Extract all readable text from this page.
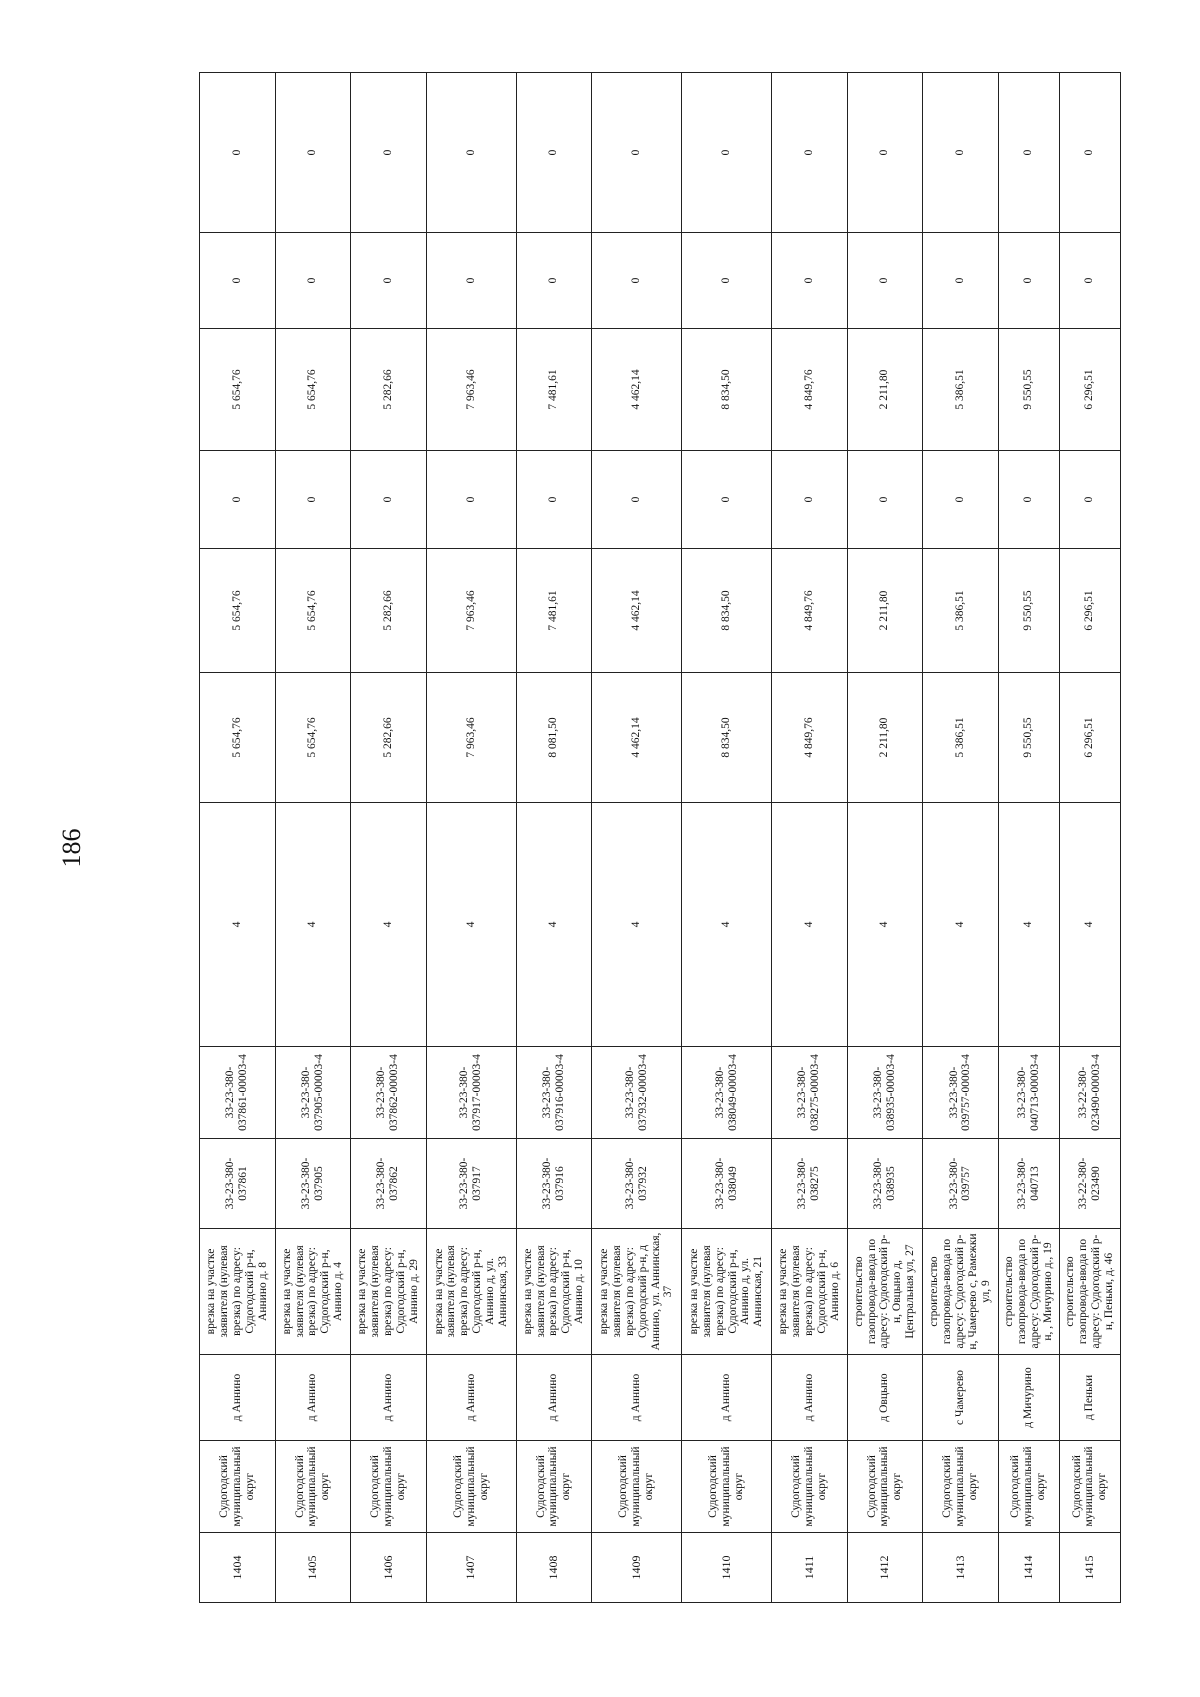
186
1404	Судогодский муниципальный округ	д Аннино	врезка на участке заявителя (нулевая врезка) по адресу: Судогодский р-н, Аннино д. 8	33-23-380-037861	33-23-380-037861-00003-4	4	5 654,76	5 654,76	0	5 654,76	0	0
1405	Судогодский муниципальный округ	д Аннино	врезка на участке заявителя (нулевая врезка) по адресу: Судогодский р-н, Аннино д. 4	33-23-380-037905	33-23-380-037905-00003-4	4	5 654,76	5 654,76	0	5 654,76	0	0
1406	Судогодский муниципальный округ	д Аннино	врезка на участке заявителя (нулевая врезка) по адресу: Судогодский р-н, Аннино д. 29	33-23-380-037862	33-23-380-037862-00003-4	4	5 282,66	5 282,66	0	5 282,66	0	0
1407	Судогодский муниципальный округ	д Аннино	врезка на участке заявителя (нулевая врезка) по адресу: Судогодский р-н, Аннино д, ул. Аннинская, 33	33-23-380-037917	33-23-380-037917-00003-4	4	7 963,46	7 963,46	0	7 963,46	0	0
1408	Судогодский муниципальный округ	д Аннино	врезка на участке заявителя (нулевая врезка) по адресу: Судогодский р-н, Аннино д. 10	33-23-380-037916	33-23-380-037916-00003-4	4	8 081,50	7 481,61	0	7 481,61	0	0
1409	Судогодский муниципальный округ	д Аннино	врезка на участке заявителя (нулевая врезка) по адресу: Судогодский р-н, д Аннино, ул. Аннинская, 37	33-23-380-037932	33-23-380-037932-00003-4	4	4 462,14	4 462,14	0	4 462,14	0	0
1410	Судогодский муниципальный округ	д Аннино	врезка на участке заявителя (нулевая врезка) по адресу: Судогодский р-н, Аннино д, ул. Аннинская, 21	33-23-380-038049	33-23-380-038049-00003-4	4	8 834,50	8 834,50	0	8 834,50	0	0
1411	Судогодский муниципальный округ	д Аннино	врезка на участке заявителя (нулевая врезка) по адресу: Судогодский р-н, Аннино д. 6	33-23-380-038275	33-23-380-038275-00003-4	4	4 849,76	4 849,76	0	4 849,76	0	0
1412	Судогодский муниципальный округ	д Овцыно	строительство газопровода-ввода по адресу: Судогодский р-н, Овцыно д, Центральная ул, 27	33-23-380-038935	33-23-380-038935-00003-4	4	2 211,80	2 211,80	0	2 211,80	0	0
1413	Судогодский муниципальный округ	с Чамерево	строительство газопровода-ввода по адресу: Судогодский р-н, Чамерево с, Рамежки ул, 9	33-23-380-039757	33-23-380-039757-00003-4	4	5 386,51	5 386,51	0	5 386,51	0	0
1414	Судогодский муниципальный округ	д Мичурино	строительство газопровода-ввода по адресу: Судогодский р-н, , Мичурино д., 19	33-23-380-040713	33-23-380-040713-00003-4	4	9 550,55	9 550,55	0	9 550,55	0	0
1415	Судогодский муниципальный округ	д Пеньки	строительство газопровода-ввода по адресу: Судогодский р-н, Пеньки, д. 46	33-22-380-023490	33-22-380-023490-00003-4	4	6 296,51	6 296,51	0	6 296,51	0	0
